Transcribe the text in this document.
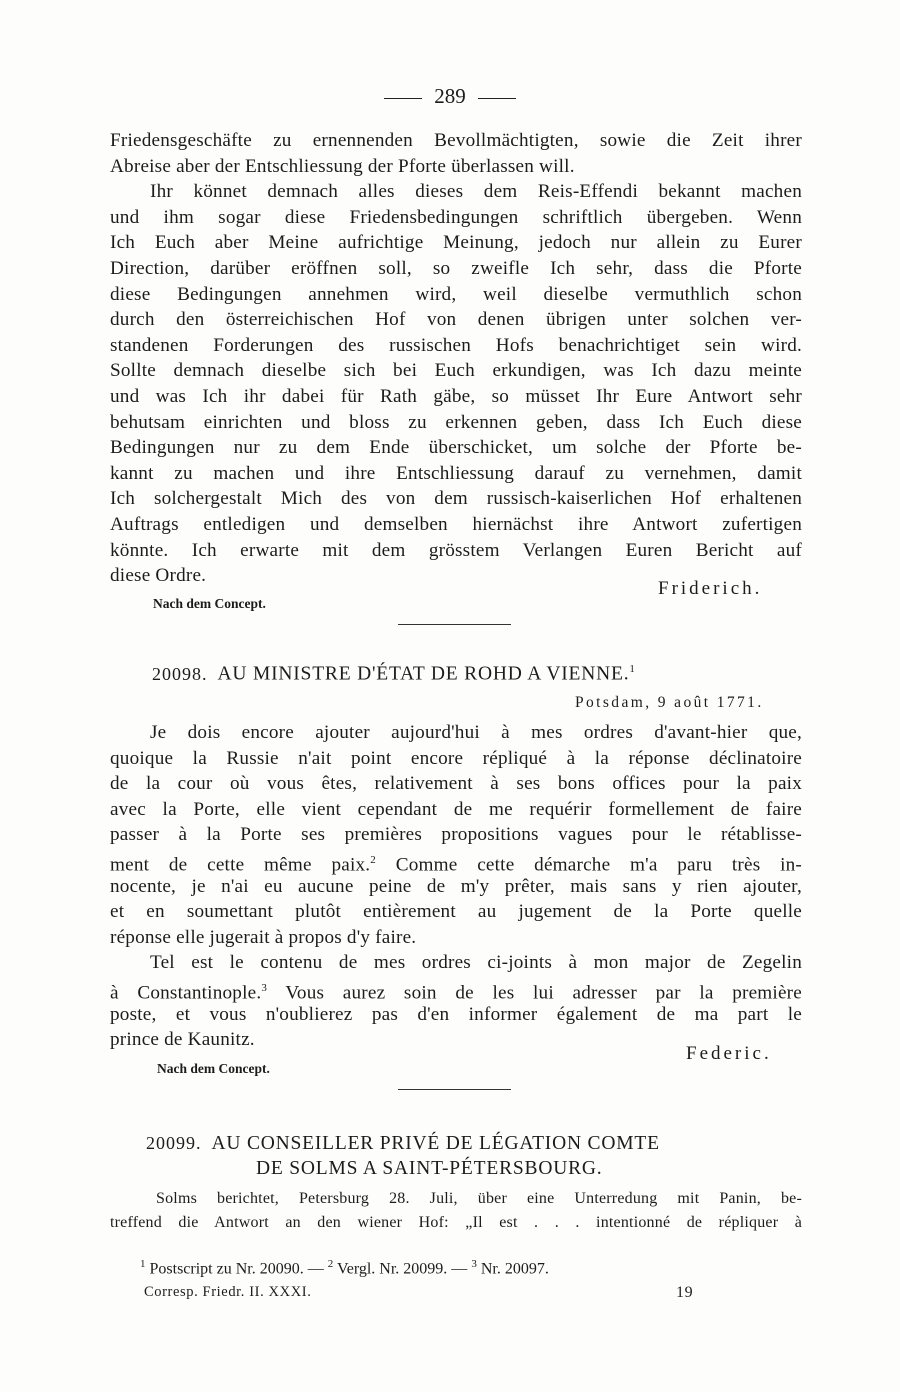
289
Friedensgeschäfte zu ernennenden Bevollmächtigten, sowie die Zeit ihrer
Abreise aber der Entschliessung der Pforte überlassen will.
Ihr könnet demnach alles dieses dem Reis-Effendi bekannt machen
und ihm sogar diese Friedensbedingungen schriftlich übergeben. Wenn
Ich Euch aber Meine aufrichtige Meinung, jedoch nur allein zu Eurer
Direction, darüber eröffnen soll, so zweifle Ich sehr, dass die Pforte
diese Bedingungen annehmen wird, weil dieselbe vermuthlich schon
durch den österreichischen Hof von denen übrigen unter solchen ver-
standenen Forderungen des russischen Hofs benachrichtiget sein wird.
Sollte demnach dieselbe sich bei Euch erkundigen, was Ich dazu meinte
und was Ich ihr dabei für Rath gäbe, so müsset Ihr Eure Antwort sehr
behutsam einrichten und bloss zu erkennen geben, dass Ich Euch diese
Bedingungen nur zu dem Ende überschicket, um solche der Pforte be-
kannt zu machen und ihre Entschliessung darauf zu vernehmen, damit
Ich solchergestalt Mich des von dem russisch-kaiserlichen Hof erhaltenen
Auftrags entledigen und demselben hiernächst ihre Antwort zufertigen
könnte. Ich erwarte mit dem grösstem Verlangen Euren Bericht auf
diese Ordre.
Friderich.
Nach dem Concept.
20098. AU MINISTRE D'ÉTAT DE ROHD A VIENNE.$^1$
Potsdam, 9 août 1771.
Je dois encore ajouter aujourd'hui à mes ordres d'avant-hier que,
quoique la Russie n'ait point encore répliqué à la réponse déclinatoire
de la cour où vous êtes, relativement à ses bons offices pour la paix
avec la Porte, elle vient cependant de me requérir formellement de faire
passer à la Porte ses premières propositions vagues pour le rétablisse-
ment de cette même paix.$^2$ Comme cette démarche m'a paru très in-
nocente, je n'ai eu aucune peine de m'y prêter, mais sans y rien ajouter,
et en soumettant plutôt entièrement au jugement de la Porte quelle
réponse elle jugerait à propos d'y faire.
Tel est le contenu de mes ordres ci-joints à mon major de Zegelin
à Constantinople.$^3$ Vous aurez soin de les lui adresser par la première
poste, et vous n'oublierez pas d'en informer également de ma part le
prince de Kaunitz.
Federic.
Nach dem Concept.
20099. AU CONSEILLER PRIVÉ DE LÉGATION COMTE
DE SOLMS A SAINT-PÉTERSBOURG.
Solms berichtet, Petersburg 28. Juli, über eine Unterredung mit Panin, be-
treffend die Antwort an den wiener Hof: „Il est . . . intentionné de répliquer à
$^1$ Postscript zu Nr. 20090. — $^2$ Vergl. Nr. 20099. — $^3$ Nr. 20097.
Corresp. Friedr. II. XXXI.	19
